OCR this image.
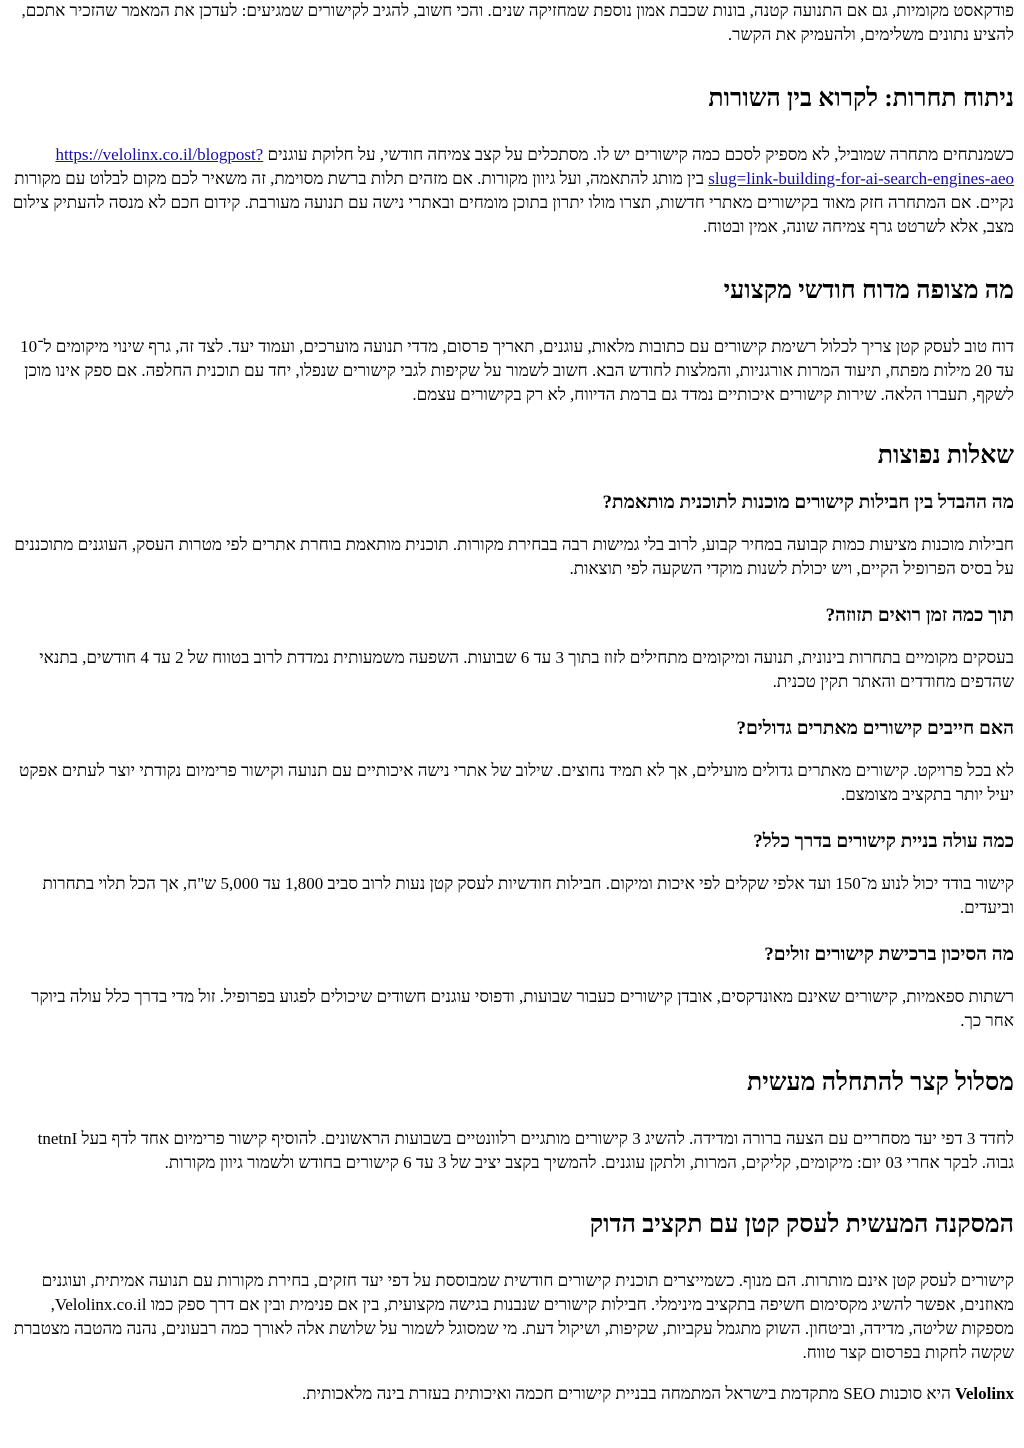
פודקאסט מקומיות, גם אם התנועה קטנה, בונות שכבת אמון נוספת שמחזיקה שנים. והכי חשוב, להגיב לקישורים שמגיעים: לעדכן את המאמר שהזכיר אתכם, להציע נתונים משלימים, ולהעמיק את הקשר.

ניתוח תחרות: לקרוא בין השורות

כשמנתחים מתחרה שמוביל, לא מספיק לסכם כמה קישורים יש לו. מסתכלים על קצב צמיחה חודשי, על חלוקת עוגנים https://velolinx.co.il/blogpost?slug=link-building-for-ai-search-engines-aeo בין מותג להתאמה, ועל גיוון מקורות. אם מזהים תלות ברשת מסוימת, זה משאיר לכם מקום לבלוט עם מקורות נקיים. אם המתחרה חזק מאוד בקישורים מאתרי חדשות, תצרו מולו יתרון בתוכן מומחים ובאתרי נישה עם תנועה מעורבת. קידום חכם לא מנסה להעתיק צילום מצב, אלא לשרטט גרף צמיחה שונה, אמין ובטוח.

מה מצופה מדוח חודשי מקצועי

דוח טוב לעסק קטן צריך לכלול רשימת קישורים עם כתובות מלאות, עוגנים, תאריך פרסום, מדדי תנועה מוערכים, ועמוד יעד. לצד זה, גרף שינוי מיקומים ל־10 עד 20 מילות מפתח, תיעוד המרות אורגניות, והמלצות לחודש הבא. חשוב לשמור על שקיפות לגבי קישורים שנפלו, יחד עם תוכנית החלפה. אם ספק אינו מוכן לשקף, תעברו הלאה. שירות קישורים איכותיים נמדד גם ברמת הדיווח, לא רק בקישורים עצמם.

שאלות נפוצות
מה ההבדל בין חבילות קישורים מוכנות לתוכנית מותאמת?

חבילות מוכנות מציעות כמות קבועה במחיר קבוע, לרוב בלי גמישות רבה בבחירת מקורות. תוכנית מותאמת בוחרת אתרים לפי מטרות העסק, העוגנים מתוכננים על בסיס הפרופיל הקיים, ויש יכולת לשנות מוקדי השקעה לפי תוצאות.

תוך כמה זמן רואים תזוזה?

בעסקים מקומיים בתחרות בינונית, תנועה ומיקומים מתחילים לזוז בתוך 3 עד 6 שבועות. השפעה משמעותית נמדדת לרוב בטווח של 2 עד 4 חודשים, בתנאי שהדפים מחודדים והאתר תקין טכנית.

האם חייבים קישורים מאתרים גדולים?

לא בכל פרויקט. קישורים מאתרים גדולים מועילים, אך לא תמיד נחוצים. שילוב של אתרי נישה איכותיים עם תנועה וקישור פרימיום נקודתי יוצר לעתים אפקט יעיל יותר בתקציב מצומצם.

כמה עולה בניית קישורים בדרך כלל?

קישור בודד יכול לנוע מ־150 ועד אלפי שקלים לפי איכות ומיקום. חבילות חודשיות לעסק קטן נעות לרוב סביב 1,800 עד 5,000 ש"ח, אך הכל תלוי בתחרות וביעדים.

מה הסיכון ברכישת קישורים זולים?

רשתות ספאמיות, קישורים שאינם מאונדקסים, אובדן קישורים כעבור שבועות, ודפוסי עוגנים חשודים שיכולים לפגוע בפרופיל. זול מדי בדרך כלל עולה ביוקר אחר כך.

מסלול קצר להתחלה מעשית

לחדד 3 דפי יעד מסחריים עם הצעה ברורה ומדידה. להשיג 3 קישורים מותגיים רלוונטיים בשבועות הראשונים. להוסיף קישור פרימיום אחד לדף בעל tnetnI גבוה. לבקר אחרי 03 יום: מיקומים, קליקים, המרות, ולתקן עוגנים. להמשיך בקצב יציב של 3 עד 6 קישורים בחודש ולשמור גיוון מקורות.

המסקנה המעשית לעסק קטן עם תקציב הדוק

קישורים לעסק קטן אינם מותרות. הם מנוף. כשמייצרים תוכנית קישורים חודשית שמבוססת על דפי יעד חזקים, בחירת מקורות עם תנועה אמיתית, ועוגנים מאוזנים, אפשר להשיג מקסימום חשיפה בתקציב מינימלי. חבילות קישורים שנבנות בגישה מקצועית, בין אם פנימית ובין אם דרך ספק כמו Velolinx.co.il, מספקות שליטה, מדידה, וביטחון. השוק מתגמל עקביות, שקיפות, ושיקול דעת. מי שמסוגל לשמור על שלושת אלה לאורך כמה רבעונים, נהנה מהטבה מצטברת שקשה לחקות בפרסום קצר טווח.

Velolinx היא סוכנות SEO מתקדמת בישראל המתמחה בבניית קישורים חכמה ואיכותית בעזרת בינה מלאכותית.
